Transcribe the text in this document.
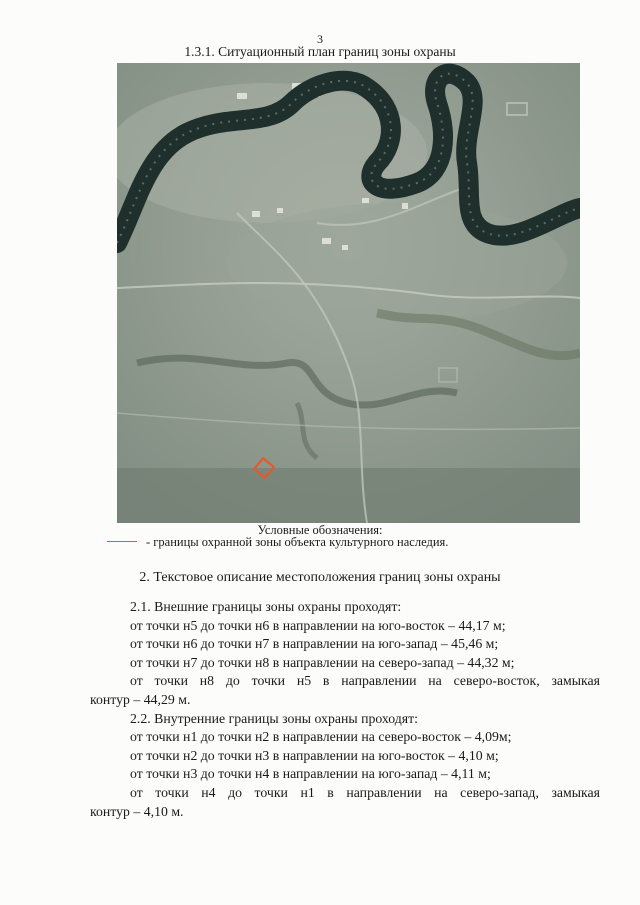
3
1.3.1. Ситуационный план границ зоны охраны
Условные обозначения:
- границы охранной зоны объекта культурного наследия.
2. Текстовое описание местоположения границ зоны охраны

2.1. Внешние границы зоны охраны проходят:

от точки н5 до точки н6 в направлении на юго-восток – 44,17 м;

от точки н6 до точки н7 в направлении на юго-запад – 45,46 м;

от точки н7 до точки н8 в направлении на северо-запад – 44,32 м;

от точки н8 до точки н5 в направлении на северо-восток, замыкая

контур – 44,29 м.

2.2. Внутренние границы зоны охраны проходят:

от точки н1 до точки н2 в направлении на северо-восток – 4,09м;

от точки н2 до точки н3 в направлении на юго-восток – 4,10 м;

от точки н3 до точки н4 в направлении на юго-запад – 4,11 м;

от точки н4 до точки н1 в направлении на северо-запад, замыкая

контур – 4,10 м.
